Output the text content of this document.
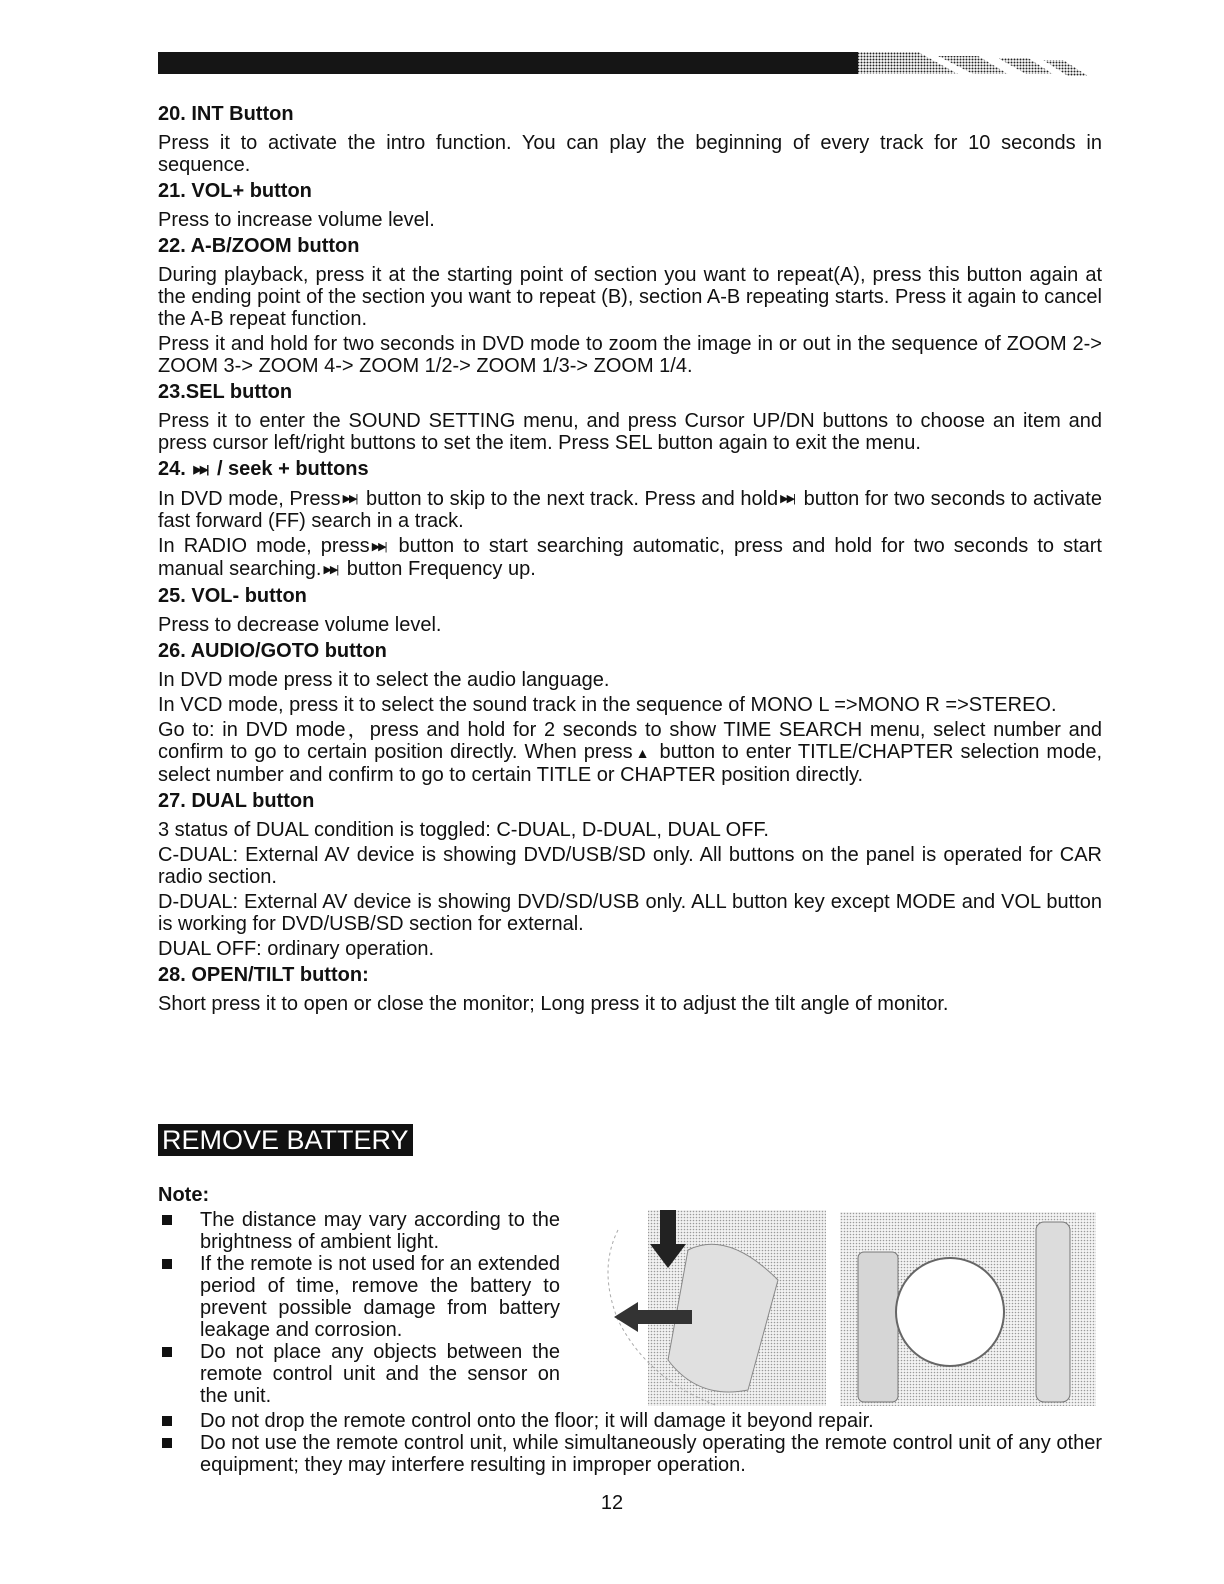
20. INT Button
Press it to activate the intro function. You can play the beginning of every track for 10 seconds in sequence.
21. VOL+ button
Press to increase volume level.
22. A-B/ZOOM button
During playback, press it at the starting point of section you want to repeat(A), press this button again at the ending point of the section you want to repeat (B), section A-B repeating starts. Press it again to cancel the A-B repeat function.
Press it and hold for two seconds in DVD mode to zoom the image in or out in the sequence of ZOOM 2-> ZOOM 3-> ZOOM 4-> ZOOM 1/2-> ZOOM 1/3-> ZOOM 1/4.
23.SEL button
Press it to enter the SOUND SETTING menu, and press Cursor UP/DN buttons to choose an item and press cursor left/right buttons to set the item. Press SEL button again to exit the menu.
24. ▶▶| / seek + buttons
In DVD mode, Press ▶▶| button to skip to the next track. Press and hold ▶▶| button for two seconds to activate fast forward (FF) search in a track.
In RADIO mode, press ▶▶| button to start searching automatic, press and hold for two seconds to start manual searching. ▶▶| button Frequency up.
25. VOL- button
Press to decrease volume level.
26. AUDIO/GOTO button
In DVD mode press it to select the audio language.
In VCD mode, press it to select the sound track in the sequence of MONO L =>MONO R =>STEREO.
Go to: in DVD mode，press and hold for 2 seconds to show TIME SEARCH menu, select number and confirm to go to certain position directly. When press ▲ button to enter TITLE/CHAPTER selection mode, select number and confirm to go to certain TITLE or CHAPTER position directly.
27. DUAL button
3 status of DUAL condition is toggled: C-DUAL, D-DUAL, DUAL OFF.
C-DUAL: External AV device is showing DVD/USB/SD only. All buttons on the panel is operated for CAR radio section.
D-DUAL: External AV device is showing DVD/SD/USB only. ALL button key except MODE and VOL button is working for DVD/USB/SD section for external.
DUAL OFF: ordinary operation.
28. OPEN/TILT button:
Short press it to open or close the monitor; Long press it to adjust the tilt angle of monitor.
REMOVE BATTERY
Note:
The distance may vary according to the brightness of ambient light.
If the remote is not used for an extended period of time, remove the battery to prevent possible damage from battery leakage and corrosion.
Do not place any objects between the remote control unit and the sensor on the unit.
Do not drop the remote control onto the floor; it will damage it beyond repair.
Do not use the remote control unit, while simultaneously operating the remote control unit of any other equipment; they may interfere resulting in improper operation.
12
